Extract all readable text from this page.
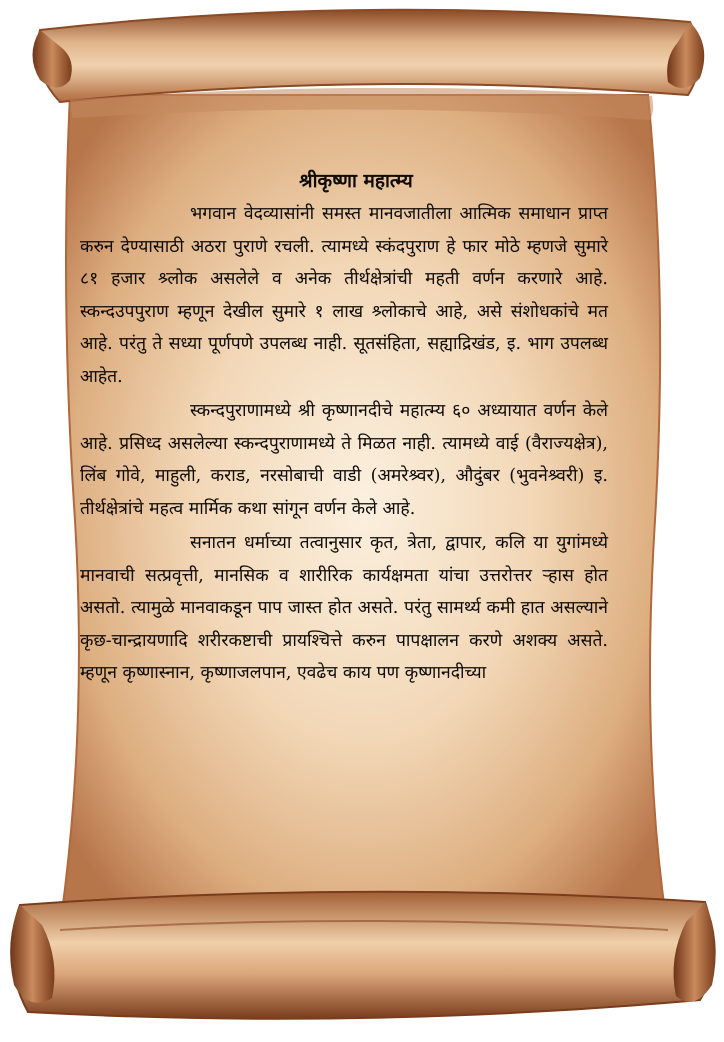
श्रीकृष्णा महात्म्य

भगवान वेदव्यासांनी समस्त मानवजातीला आत्मिक समाधान प्राप्त करुन देण्यासाठी अठरा पुराणे रचली. त्यामध्ये स्कंदपुराण हे फार मोठे म्हणजे सुमारे ८१ हजार श्र्लोक असलेले व अनेक तीर्थक्षेत्रांची महती वर्णन करणारे आहे. स्कन्दउपपुराण म्हणून देखील सुमारे १ लाख श्र्लोकाचे आहे, असे संशोधकांचे मत आहे. परंतु ते सध्या पूर्णपणे उपलब्ध नाही. सूतसंहिता, सह्याद्रिखंड, इ. भाग उपलब्ध आहेत.

स्कन्दपुराणामध्ये श्री कृष्णानदीचे महात्म्य ६० अध्यायात वर्णन केले आहे. प्रसिध्द असलेल्या स्कन्दपुराणामध्ये ते मिळत नाही. त्यामध्ये वाई (वैराज्यक्षेत्र), लिंब गोवे, माहुली, कराड, नरसोबाची वाडी (अमरेश्र्वर), औदुंबर (भुवनेश्र्वरी) इ. तीर्थक्षेत्रांचे महत्व मार्मिक कथा सांगून वर्णन केले आहे.

सनातन धर्माच्या तत्वानुसार कृत, त्रेता, द्वापार, कलि या युगांमध्ये मानवाची सत्प्रवृत्ती, मानसिक व शारीरिक कार्यक्षमता यांचा उत्तरोत्तर ऱ्हास होत असतो. त्यामुळे मानवाकडून पाप जास्त होत असते. परंतु सामर्थ्य कमी हात असल्याने कृछ-चान्द्रायणादि शरीरकष्टाची प्रायश्चित्ते करुन पापक्षालन करणे अशक्य असते. म्हणून कृष्णास्नान, कृष्णाजलपान, एवढेच काय पण कृष्णानदीच्या
